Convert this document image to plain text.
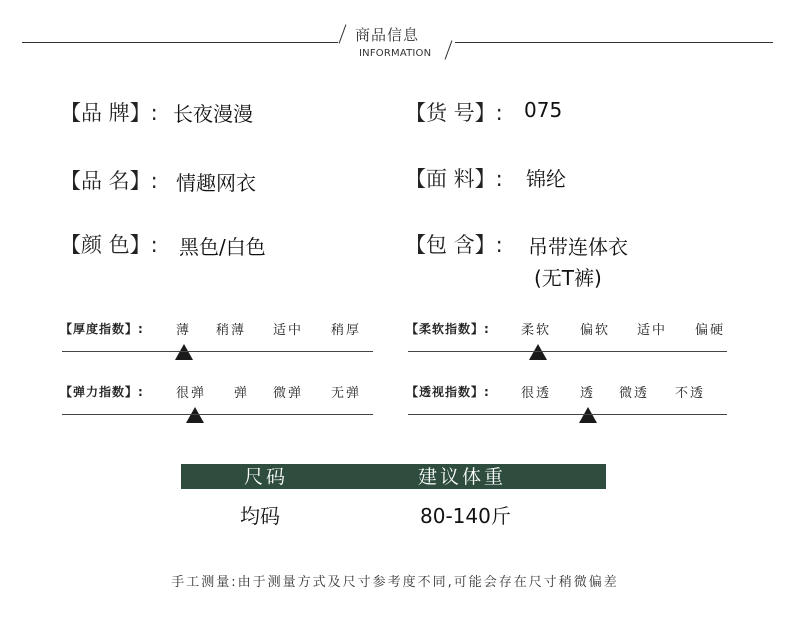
商品信息
INFORMATION
【品 牌】: 长夜漫漫	【货 号】: 075
【品 名】: 情趣网衣	【面 料】: 锦纶
【颜 色】: 黑色/白色	【包 含】: 吊带连体衣
(无T裤)
【厚度指数】: 薄 稍薄 适中 稍厚	【柔软指数】: 柔软 偏软 适中 偏硬
【弹力指数】: 很弹 弹 微弹 无弹	【透视指数】: 很透 透 微透 不透
尺码	建议体重
均码	80-140斤
手工测量:由于测量方式及尺寸参考度不同,可能会存在尺寸稍微偏差
